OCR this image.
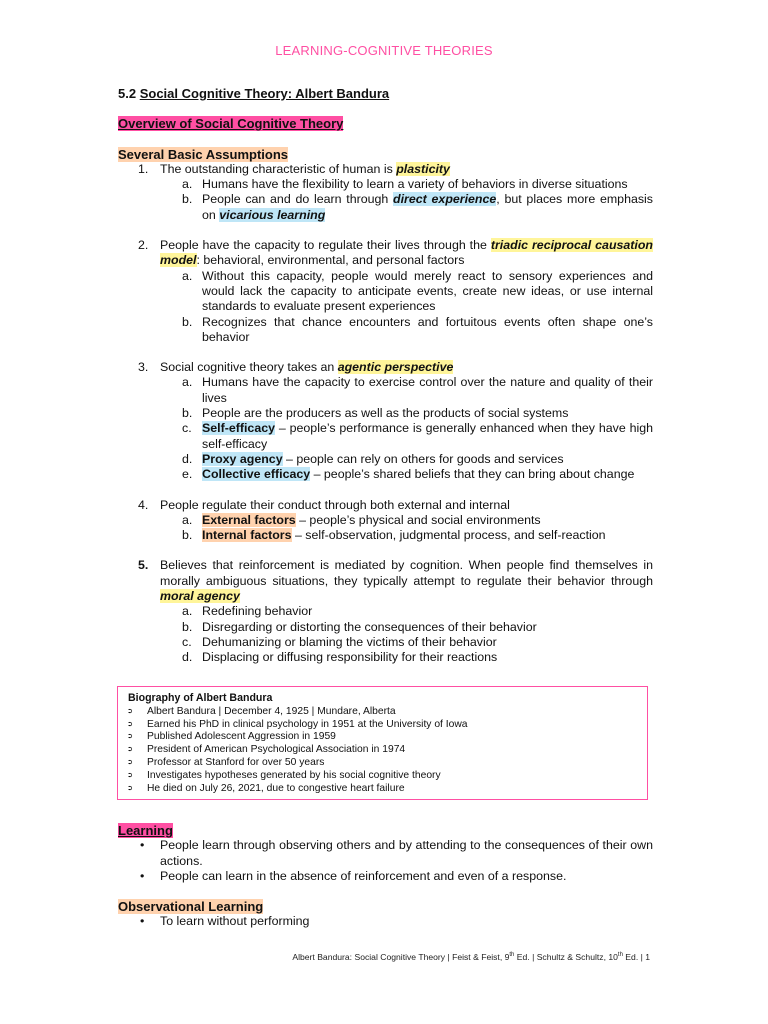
LEARNING-COGNITIVE THEORIES

5.2 Social Cognitive Theory: Albert Bandura

Overview of Social Cognitive Theory

Several Basic Assumptions

1. The outstanding characteristic of human is plasticity
a. Humans have the flexibility to learn a variety of behaviors in diverse situations
b. People can and do learn through direct experience, but places more emphasis on vicarious learning
2. People have the capacity to regulate their lives through the triadic reciprocal causation model: behavioral, environmental, and personal factors
a. Without this capacity, people would merely react to sensory experiences and would lack the capacity to anticipate events, create new ideas, or use internal standards to evaluate present experiences
b. Recognizes that chance encounters and fortuitous events often shape one’s behavior
3. Social cognitive theory takes an agentic perspective
a. Humans have the capacity to exercise control over the nature and quality of their lives
b. People are the producers as well as the products of social systems
c. Self-efficacy – people’s performance is generally enhanced when they have high self-efficacy
d. Proxy agency – people can rely on others for goods and services
e. Collective efficacy – people’s shared beliefs that they can bring about change
4. People regulate their conduct through both external and internal
a. External factors – people’s physical and social environments
b. Internal factors – self-observation, judgmental process, and self-reaction
5. Believes that reinforcement is mediated by cognition. When people find themselves in morally ambiguous situations, they typically attempt to regulate their behavior through moral agency
a. Redefining behavior
b. Disregarding or distorting the consequences of their behavior
c. Dehumanizing or blaming the victims of their behavior
d. Displacing or diffusing responsibility for their reactions

Biography of Albert Bandura

➲ Albert Bandura | December 4, 1925 | Mundare, Alberta
➲ Earned his PhD in clinical psychology in 1951 at the University of Iowa
➲ Published Adolescent Aggression in 1959
➲ President of American Psychological Association in 1974
➲ Professor at Stanford for over 50 years
➲ Investigates hypotheses generated by his social cognitive theory
➲ He died on July 26, 2021, due to congestive heart failure

Learning

• People learn through observing others and by attending to the consequences of their own actions.
• People can learn in the absence of reinforcement and even of a response.

Observational Learning

• To learn without performing
Albert Bandura: Social Cognitive Theory | Feist & Feist, 9th Ed. | Schultz & Schultz, 10th Ed. | 1
